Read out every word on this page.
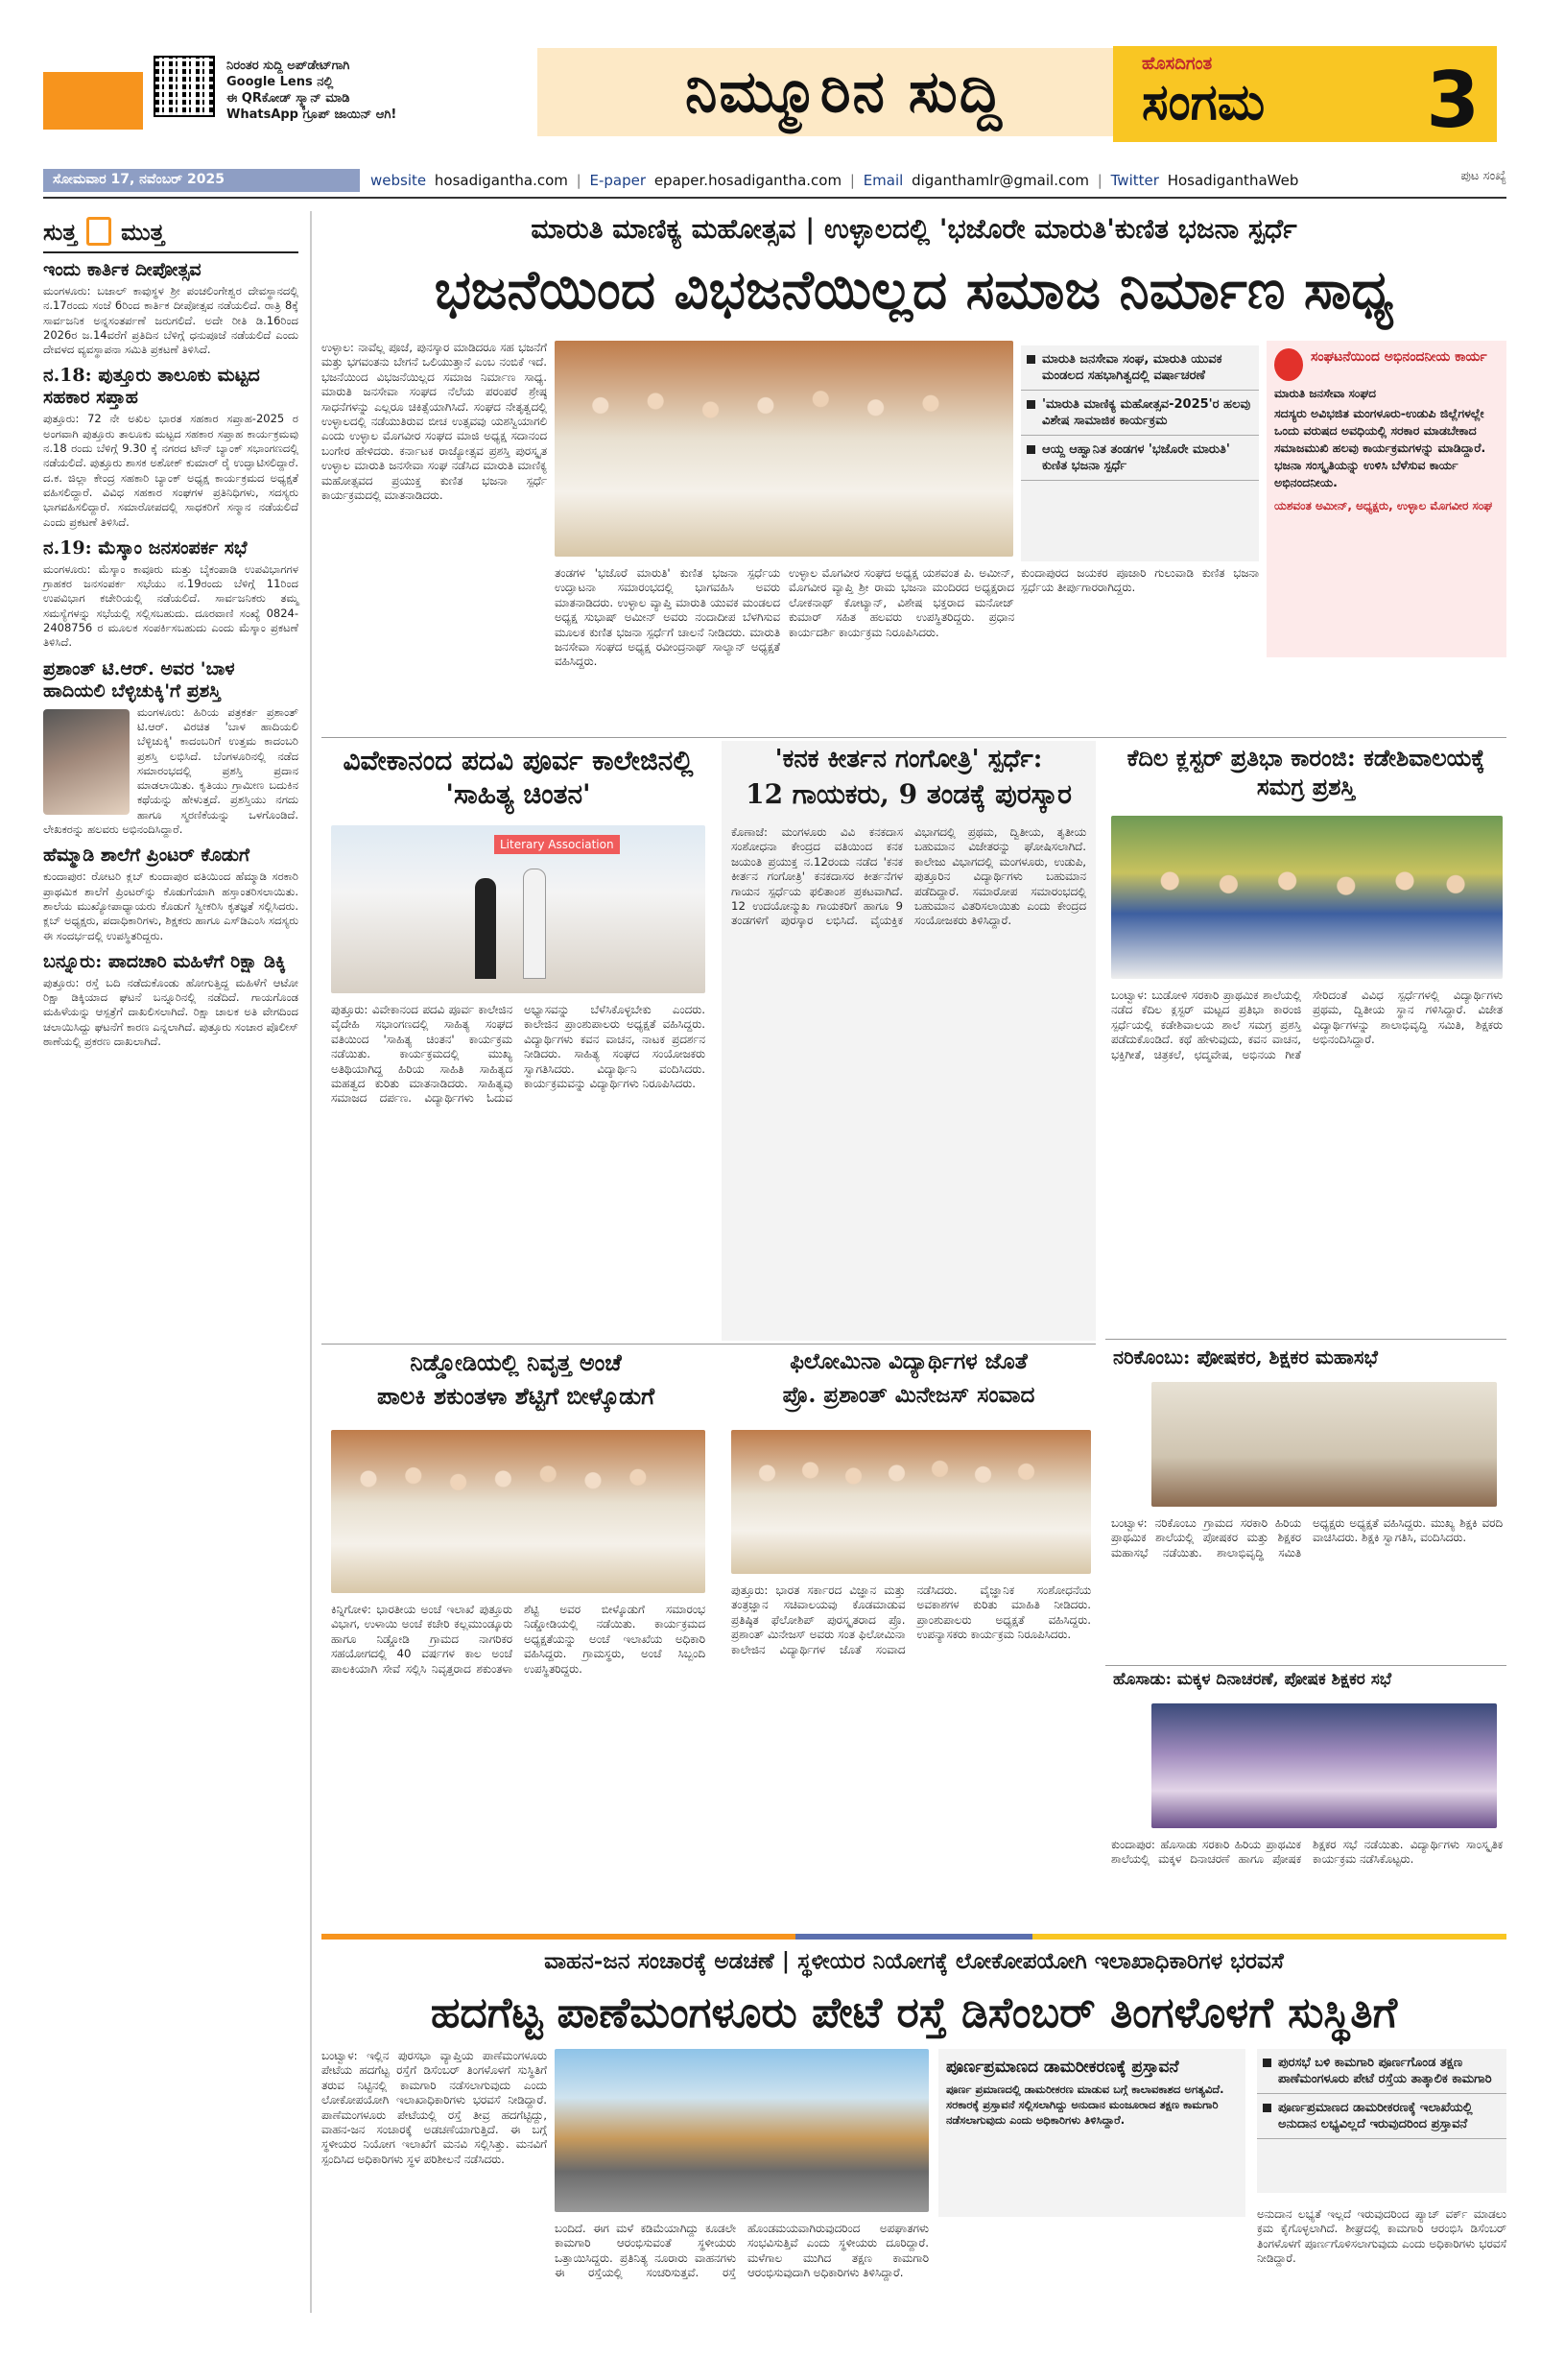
ನಿರಂತರ ಸುದ್ದಿ ಅಪ್‌ಡೇಟ್‌ಗಾಗಿ
Google Lens ನಲ್ಲಿ
ಈ QRಕೋಡ್ ಸ್ಕ್ಯಾನ್ ಮಾಡಿ
WhatsApp ಗ್ರೂಪ್ ಜಾಯಿನ್ ಆಗಿ!	ನಿಮ್ಮೂರಿನ ಸುದ್ದಿ	ಹೊಸದಿಗಂತ
ಸಂಗಮ 3
ಸೋಮವಾರ 17, ನವೆಂಬರ್ 2025	website hosadigantha.com | E-paper epaper.hosadigantha.com | Email diganthamlr@gmail.com | Twitter HosadiganthaWeb	ಪುಟ ಸಂಖ್ಯೆ
ಸುತ್ತ ಮುತ್ತ
ಇಂದು ಕಾರ್ತಿಕ ದೀಪೋತ್ಸವ

ಮಂಗಳೂರು: ಬಜಾಲ್ ಕಾವುಸ್ಥಳ ಶ್ರೀ ಪಂಚಲಿಂಗೇಶ್ವರ ದೇವಸ್ಥಾನದಲ್ಲಿ ನ.17ರಂದು ಸಂಜೆ 6ರಿಂದ ಕಾರ್ತಿಕ ದೀಪೋತ್ಸವ ನಡೆಯಲಿದೆ. ರಾತ್ರಿ 8ಕ್ಕೆ ಸಾರ್ವಜನಿಕ ಅನ್ನಸಂತರ್ಪಣೆ ಜರುಗಲಿದೆ. ಅದೇ ರೀತಿ ಡಿ.16ರಿಂದ 2026ರ ಜ.14ವರೆಗೆ ಪ್ರತಿದಿನ ಬೆಳಿಗ್ಗೆ ಧನುಪೂಜೆ ನಡೆಯಲಿದೆ ಎಂದು ದೇವಳದ ವ್ಯವಸ್ಥಾಪನಾ ಸಮಿತಿ ಪ್ರಕಟಣೆ ತಿಳಿಸಿದೆ.

ನ.18: ಪುತ್ತೂರು ತಾಲೂಕು ಮಟ್ಟದ ಸಹಕಾರ ಸಪ್ತಾಹ

ಪುತ್ತೂರು: 72 ನೇ ಅಖಿಲ ಭಾರತ ಸಹಕಾರ ಸಪ್ತಾಹ-2025 ರ ಅಂಗವಾಗಿ ಪುತ್ತೂರು ತಾಲೂಕು ಮಟ್ಟದ ಸಹಕಾರ ಸಪ್ತಾಹ ಕಾರ್ಯಕ್ರಮವು ನ.18 ರಂದು ಬೆಳಿಗ್ಗೆ 9.30 ಕ್ಕೆ ನಗರದ ಟೌನ್ ಬ್ಯಾಂಕ್ ಸಭಾಂಗಣದಲ್ಲಿ ನಡೆಯಲಿದೆ. ಪುತ್ತೂರು ಶಾಸಕ ಅಶೋಕ್ ಕುಮಾರ್ ರೈ ಉದ್ಘಾಟಿಸಲಿದ್ದಾರೆ. ದ.ಕ. ಜಿಲ್ಲಾ ಕೇಂದ್ರ ಸಹಕಾರಿ ಬ್ಯಾಂಕ್ ಅಧ್ಯಕ್ಷ ಕಾರ್ಯಕ್ರಮದ ಅಧ್ಯಕ್ಷತೆ ವಹಿಸಲಿದ್ದಾರೆ. ವಿವಿಧ ಸಹಕಾರ ಸಂಘಗಳ ಪ್ರತಿನಿಧಿಗಳು, ಸದಸ್ಯರು ಭಾಗವಹಿಸಲಿದ್ದಾರೆ. ಸಮಾರೋಪದಲ್ಲಿ ಸಾಧಕರಿಗೆ ಸನ್ಮಾನ ನಡೆಯಲಿದೆ ಎಂದು ಪ್ರಕಟಣೆ ತಿಳಿಸಿದೆ.

ನ.19: ಮೆಸ್ಕಾಂ ಜನಸಂಪರ್ಕ ಸಭೆ

ಮಂಗಳೂರು: ಮೆಸ್ಕಾಂ ಕಾವೂರು ಮತ್ತು ಬೈಕಂಪಾಡಿ ಉಪವಿಭಾಗಗಳ ಗ್ರಾಹಕರ ಜನಸಂಪರ್ಕ ಸಭೆಯು ನ.19ರಂದು ಬೆಳಿಗ್ಗೆ 11ರಿಂದ ಉಪವಿಭಾಗ ಕಚೇರಿಯಲ್ಲಿ ನಡೆಯಲಿದೆ. ಸಾರ್ವಜನಿಕರು ತಮ್ಮ ಸಮಸ್ಯೆಗಳನ್ನು ಸಭೆಯಲ್ಲಿ ಸಲ್ಲಿಸಬಹುದು. ದೂರವಾಣಿ ಸಂಖ್ಯೆ 0824-2408756 ರ ಮೂಲಕ ಸಂಪರ್ಕಿಸಬಹುದು ಎಂದು ಮೆಸ್ಕಾಂ ಪ್ರಕಟಣೆ ತಿಳಿಸಿದೆ.

ಪ್ರಶಾಂತ್ ಟಿ.ಆರ್. ಅವರ 'ಬಾಳ ಹಾದಿಯಲಿ ಬೆಳ್ಳಿಚುಕ್ಕಿ'ಗೆ ಪ್ರಶಸ್ತಿ

ಮಂಗಳೂರು: ಹಿರಿಯ ಪತ್ರಕರ್ತ ಪ್ರಶಾಂತ್ ಟಿ.ಆರ್. ವಿರಚಿತ 'ಬಾಳ ಹಾದಿಯಲಿ ಬೆಳ್ಳಿಚುಕ್ಕಿ' ಕಾದಂಬರಿಗೆ ಉತ್ತಮ ಕಾದಂಬರಿ ಪ್ರಶಸ್ತಿ ಲಭಿಸಿದೆ. ಬೆಂಗಳೂರಿನಲ್ಲಿ ನಡೆದ ಸಮಾರಂಭದಲ್ಲಿ ಪ್ರಶಸ್ತಿ ಪ್ರದಾನ ಮಾಡಲಾಯಿತು. ಕೃತಿಯು ಗ್ರಾಮೀಣ ಬದುಕಿನ ಕಥೆಯನ್ನು ಹೇಳುತ್ತದೆ. ಪ್ರಶಸ್ತಿಯು ನಗದು ಹಾಗೂ ಸ್ಮರಣಿಕೆಯನ್ನು ಒಳಗೊಂಡಿದೆ. ಲೇಖಕರನ್ನು ಹಲವರು ಅಭಿನಂದಿಸಿದ್ದಾರೆ.

ಹೆಮ್ಮಾಡಿ ಶಾಲೆಗೆ ಪ್ರಿಂಟರ್ ಕೊಡುಗೆ

ಕುಂದಾಪುರ: ರೋಟರಿ ಕ್ಲಬ್ ಕುಂದಾಪುರ ವತಿಯಿಂದ ಹೆಮ್ಮಾಡಿ ಸರಕಾರಿ ಪ್ರಾಥಮಿಕ ಶಾಲೆಗೆ ಪ್ರಿಂಟರ್‌ನ್ನು ಕೊಡುಗೆಯಾಗಿ ಹಸ್ತಾಂತರಿಸಲಾಯಿತು. ಶಾಲೆಯ ಮುಖ್ಯೋಪಾಧ್ಯಾಯರು ಕೊಡುಗೆ ಸ್ವೀಕರಿಸಿ ಕೃತಜ್ಞತೆ ಸಲ್ಲಿಸಿದರು. ಕ್ಲಬ್ ಅಧ್ಯಕ್ಷರು, ಪದಾಧಿಕಾರಿಗಳು, ಶಿಕ್ಷಕರು ಹಾಗೂ ಎಸ್‌ಡಿಎಂಸಿ ಸದಸ್ಯರು ಈ ಸಂದರ್ಭದಲ್ಲಿ ಉಪಸ್ಥಿತರಿದ್ದರು.

ಬನ್ನೂರು: ಪಾದಚಾರಿ ಮಹಿಳೆಗೆ ರಿಕ್ಷಾ ಡಿಕ್ಕಿ

ಪುತ್ತೂರು: ರಸ್ತೆ ಬದಿ ನಡೆದುಕೊಂಡು ಹೋಗುತ್ತಿದ್ದ ಮಹಿಳೆಗೆ ಆಟೋ ರಿಕ್ಷಾ ಡಿಕ್ಕಿಯಾದ ಘಟನೆ ಬನ್ನೂರಿನಲ್ಲಿ ನಡೆದಿದೆ. ಗಾಯಗೊಂಡ ಮಹಿಳೆಯನ್ನು ಆಸ್ಪತ್ರೆಗೆ ದಾಖಲಿಸಲಾಗಿದೆ. ರಿಕ್ಷಾ ಚಾಲಕ ಅತಿ ವೇಗದಿಂದ ಚಲಾಯಿಸಿದ್ದು ಘಟನೆಗೆ ಕಾರಣ ಎನ್ನಲಾಗಿದೆ. ಪುತ್ತೂರು ಸಂಚಾರ ಪೊಲೀಸ್ ಠಾಣೆಯಲ್ಲಿ ಪ್ರಕರಣ ದಾಖಲಾಗಿದೆ.

ಮಾರುತಿ ಮಾಣಿಕ್ಯ ಮಹೋತ್ಸವ | ಉಳ್ಳಾಲದಲ್ಲಿ 'ಭಜೊರೇ ಮಾರುತಿ'ಕುಣಿತ ಭಜನಾ ಸ್ಪರ್ಧೆ
ಭಜನೆಯಿಂದ ವಿಭಜನೆಯಿಲ್ಲದ ಸಮಾಜ ನಿರ್ಮಾಣ ಸಾಧ್ಯ
ಉಳ್ಳಾಲ: ನಾವೆಲ್ಲ ಪೂಜೆ, ಪುನಸ್ಕಾರ ಮಾಡಿದರೂ ಸಹ ಭಜನೆಗೆ ಮತ್ತು ಭಗವಂತನು ಬೇಗನೆ ಒಲಿಯುತ್ತಾನೆ ಎಂಬ ನಂಬಿಕೆ ಇದೆ. ಭಜನೆಯಿಂದ ವಿಭಜನೆಯಿಲ್ಲದ ಸಮಾಜ ನಿರ್ಮಾಣ ಸಾಧ್ಯ. ಮಾರುತಿ ಜನಸೇವಾ ಸಂಘದ ನೆಲೆಯ ಪರಂಪರೆ ಶ್ರೇಷ್ಠ ಸಾಧನೆಗಳನ್ನು ಎಲ್ಲರೂ ಚಿಕಿತ್ಸೆಯಾಗಿಸಿದೆ. ಸಂಘದ ನೇತೃತ್ವದಲ್ಲಿ ಉಳ್ಳಾಲದಲ್ಲಿ ನಡೆಯುತಿರುವ ಬೀಚ ಉತ್ಸವವು ಯಶಸ್ವಿಯಾಗಲಿ ಎಂದು ಉಳ್ಳಾಲ ಮೊಗವೀರ ಸಂಘದ ಮಾಜಿ ಅಧ್ಯಕ್ಷ ಸದಾನಂದ ಬಂಗೇರ ಹೇಳಿದರು. ಕರ್ನಾಟಕ ರಾಜ್ಯೋತ್ಸವ ಪ್ರಶಸ್ತಿ ಪುರಸ್ಕೃತ ಉಳ್ಳಾಲ ಮಾರುತಿ ಜನಸೇವಾ ಸಂಘ ನಡೆಸಿದ ಮಾರುತಿ ಮಾಣಿಕ್ಯ ಮಹೋತ್ಸವದ ಪ್ರಯುಕ್ತ ಕುಣಿತ ಭಜನಾ ಸ್ಪರ್ಧೆ ಕಾರ್ಯಕ್ರಮದಲ್ಲಿ ಮಾತನಾಡಿದರು.
ತಂಡಗಳ 'ಭಜೊರೆ ಮಾರುತಿ' ಕುಣಿತ ಭಜನಾ ಸ್ಪರ್ಧೆಯ ಉದ್ಘಾಟನಾ ಸಮಾರಂಭದಲ್ಲಿ ಭಾಗವಹಿಸಿ ಅವರು ಮಾತನಾಡಿದರು. ಉಳ್ಳಾಲ ವ್ಯಾಪ್ತಿ ಮಾರುತಿ ಯುವಕ ಮಂಡಲದ ಅಧ್ಯಕ್ಷ ಸುಭಾಷ್ ಅಮೀನ್ ಅವರು ನಂದಾದೀಪ ಬೆಳಗಿಸುವ ಮೂಲಕ ಕುಣಿತ ಭಜನಾ ಸ್ಪರ್ಧೆಗೆ ಚಾಲನೆ ನೀಡಿದರು. ಮಾರುತಿ ಜನಸೇವಾ ಸಂಘದ ಅಧ್ಯಕ್ಷ ರವೀಂದ್ರನಾಥ್ ಸಾಲ್ಯಾನ್ ಅಧ್ಯಕ್ಷತೆ ವಹಿಸಿದ್ದರು.
ಉಳ್ಳಾಲ ಮೊಗವೀರ ಸಂಘದ ಅಧ್ಯಕ್ಷ ಯಶವಂತ ಪಿ. ಅಮೀನ್, ಮೊಗವೀರ ವ್ಯಾಪ್ತಿ ಶ್ರೀ ರಾಮ ಭಜನಾ ಮಂದಿರದ ಅಧ್ಯಕ್ಷರಾದ ಲೋಕನಾಥ್ ಕೋಟ್ಯಾನ್, ವಿಶೇಷ ಭಕ್ತರಾದ ಮನೋಜ್ ಕುಮಾರ್ ಸಹಿತ ಹಲವರು ಉಪಸ್ಥಿತರಿದ್ದರು. ಪ್ರಧಾನ ಕಾರ್ಯದರ್ಶಿ ಕಾರ್ಯಕ್ರಮ ನಿರೂಪಿಸಿದರು.
ಮಾರುತಿ ಜನಸೇವಾ ಸಂಘ, ಮಾರುತಿ ಯುವಕ ಮಂಡಲದ ಸಹಭಾಗಿತ್ವದಲ್ಲಿ ವರ್ಷಾಚರಣೆ
'ಮಾರುತಿ ಮಾಣಿಕ್ಯ ಮಹೋತ್ಸವ-2025'ರ ಹಲವು ವಿಶೇಷ ಸಾಮಾಜಿಕ ಕಾರ್ಯಕ್ರಮ
ಆಯ್ದ ಆಹ್ವಾನಿತ ತಂಡಗಳ 'ಭಜೊರೇ ಮಾರುತಿ' ಕುಣಿತ ಭಜನಾ ಸ್ಪರ್ಧೆ
ಕುಂದಾಪುರದ ಜಯಕರ ಪೂಜಾರಿ ಗುಲುವಾಡಿ ಕುಣಿತ ಭಜನಾ ಸ್ಪರ್ಧೆಯ ತೀರ್ಪುಗಾರರಾಗಿದ್ದರು.
ಸಂಘಟನೆಯಿಂದ ಅಭಿನಂದನೀಯ ಕಾರ್ಯ
ಮಾರುತಿ ಜನಸೇವಾ ಸಂಘದ
ಸದಸ್ಯರು ಅವಿಭಜಿತ ಮಂಗಳೂರು-ಉಡುಪಿ ಜಿಲ್ಲೆಗಳಲ್ಲೇ ಒಂದು ವರುಷದ ಅವಧಿಯಲ್ಲಿ ಸರಕಾರ ಮಾಡಬೇಕಾದ ಸಮಾಜಮುಖಿ ಹಲವು ಕಾರ್ಯಕ್ರಮಗಳನ್ನು ಮಾಡಿದ್ದಾರೆ. ಭಜನಾ ಸಂಸ್ಕೃತಿಯನ್ನು ಉಳಿಸಿ ಬೆಳೆಸುವ ಕಾರ್ಯ ಅಭಿನಂದನೀಯ.
ಯಶವಂತ ಅಮೀನ್, ಅಧ್ಯಕ್ಷರು, ಉಳ್ಳಾಲ ಮೊಗವೀರ ಸಂಘ
ವಿವೇಕಾನಂದ ಪದವಿ ಪೂರ್ವ ಕಾಲೇಜಿನಲ್ಲಿ 'ಸಾಹಿತ್ಯ ಚಿಂತನ'
Literary Association
ಪುತ್ತೂರು: ವಿವೇಕಾನಂದ ಪದವಿ ಪೂರ್ವ ಕಾಲೇಜಿನ ವೈದೇಹಿ ಸಭಾಂಗಣದಲ್ಲಿ ಸಾಹಿತ್ಯ ಸಂಘದ ವತಿಯಿಂದ 'ಸಾಹಿತ್ಯ ಚಿಂತನ' ಕಾರ್ಯಕ್ರಮ ನಡೆಯಿತು. ಕಾರ್ಯಕ್ರಮದಲ್ಲಿ ಮುಖ್ಯ ಅತಿಥಿಯಾಗಿದ್ದ ಹಿರಿಯ ಸಾಹಿತಿ ಸಾಹಿತ್ಯದ ಮಹತ್ವದ ಕುರಿತು ಮಾತನಾಡಿದರು. ಸಾಹಿತ್ಯವು ಸಮಾಜದ ದರ್ಪಣ. ವಿದ್ಯಾರ್ಥಿಗಳು ಓದುವ ಅಭ್ಯಾಸವನ್ನು ಬೆಳೆಸಿಕೊಳ್ಳಬೇಕು ಎಂದರು. ಕಾಲೇಜಿನ ಪ್ರಾಂಶುಪಾಲರು ಅಧ್ಯಕ್ಷತೆ ವಹಿಸಿದ್ದರು. ವಿದ್ಯಾರ್ಥಿಗಳು ಕವನ ವಾಚನ, ನಾಟಕ ಪ್ರದರ್ಶನ ನೀಡಿದರು. ಸಾಹಿತ್ಯ ಸಂಘದ ಸಂಯೋಜಕರು ಸ್ವಾಗತಿಸಿದರು. ವಿದ್ಯಾರ್ಥಿನಿ ವಂದಿಸಿದರು. ಕಾರ್ಯಕ್ರಮವನ್ನು ವಿದ್ಯಾರ್ಥಿಗಳು ನಿರೂಪಿಸಿದರು.
'ಕನಕ ಕೀರ್ತನ ಗಂಗೋತ್ರಿ' ಸ್ಪರ್ಧೆ:
12 ಗಾಯಕರು, 9 ತಂಡಕ್ಕೆ ಪುರಸ್ಕಾರ
ಕೊಣಾಜೆ: ಮಂಗಳೂರು ವಿವಿ ಕನಕದಾಸ ಸಂಶೋಧನಾ ಕೇಂದ್ರದ ವತಿಯಿಂದ ಕನಕ ಜಯಂತಿ ಪ್ರಯುಕ್ತ ನ.12ರಂದು ನಡೆದ 'ಕನಕ ಕೀರ್ತನ ಗಂಗೋತ್ರಿ' ಕನಕದಾಸರ ಕೀರ್ತನೆಗಳ ಗಾಯನ ಸ್ಪರ್ಧೆಯ ಫಲಿತಾಂಶ ಪ್ರಕಟವಾಗಿದೆ. 12 ಉದಯೋನ್ಮುಖ ಗಾಯಕರಿಗೆ ಹಾಗೂ 9 ತಂಡಗಳಿಗೆ ಪುರಸ್ಕಾರ ಲಭಿಸಿದೆ. ವೈಯಕ್ತಿಕ ವಿಭಾಗದಲ್ಲಿ ಪ್ರಥಮ, ದ್ವಿತೀಯ, ತೃತೀಯ ಬಹುಮಾನ ವಿಜೇತರನ್ನು ಘೋಷಿಸಲಾಗಿದೆ. ಕಾಲೇಜು ವಿಭಾಗದಲ್ಲಿ ಮಂಗಳೂರು, ಉಡುಪಿ, ಪುತ್ತೂರಿನ ವಿದ್ಯಾರ್ಥಿಗಳು ಬಹುಮಾನ ಪಡೆದಿದ್ದಾರೆ. ಸಮಾರೋಪ ಸಮಾರಂಭದಲ್ಲಿ ಬಹುಮಾನ ವಿತರಿಸಲಾಯಿತು ಎಂದು ಕೇಂದ್ರದ ಸಂಯೋಜಕರು ತಿಳಿಸಿದ್ದಾರೆ.
ಕೆದಿಲ ಕ್ಲಸ್ಟರ್ ಪ್ರತಿಭಾ ಕಾರಂಜಿ: ಕಡೇಶಿವಾಲಯಕ್ಕೆ ಸಮಗ್ರ ಪ್ರಶಸ್ತಿ
ಬಂಟ್ವಾಳ: ಬುಡೋಳಿ ಸರಕಾರಿ ಪ್ರಾಥಮಿಕ ಶಾಲೆಯಲ್ಲಿ ನಡೆದ ಕೆದಿಲ ಕ್ಲಸ್ಟರ್ ಮಟ್ಟದ ಪ್ರತಿಭಾ ಕಾರಂಜಿ ಸ್ಪರ್ಧೆಯಲ್ಲಿ ಕಡೇಶಿವಾಲಯ ಶಾಲೆ ಸಮಗ್ರ ಪ್ರಶಸ್ತಿ ಪಡೆದುಕೊಂಡಿದೆ. ಕಥೆ ಹೇಳುವುದು, ಕವನ ವಾಚನ, ಭಕ್ತಿಗೀತೆ, ಚಿತ್ರಕಲೆ, ಛದ್ಮವೇಷ, ಅಭಿನಯ ಗೀತೆ ಸೇರಿದಂತೆ ವಿವಿಧ ಸ್ಪರ್ಧೆಗಳಲ್ಲಿ ವಿದ್ಯಾರ್ಥಿಗಳು ಪ್ರಥಮ, ದ್ವಿತೀಯ ಸ್ಥಾನ ಗಳಿಸಿದ್ದಾರೆ. ವಿಜೇತ ವಿದ್ಯಾರ್ಥಿಗಳನ್ನು ಶಾಲಾಭಿವೃದ್ಧಿ ಸಮಿತಿ, ಶಿಕ್ಷಕರು ಅಭಿನಂದಿಸಿದ್ದಾರೆ.
ನರಿಕೊಂಬು: ಪೋಷಕರ, ಶಿಕ್ಷಕರ ಮಹಾಸಭೆ
ಬಂಟ್ವಾಳ: ನರಿಕೊಂಬು ಗ್ರಾಮದ ಸರಕಾರಿ ಹಿರಿಯ ಪ್ರಾಥಮಿಕ ಶಾಲೆಯಲ್ಲಿ ಪೋಷಕರ ಮತ್ತು ಶಿಕ್ಷಕರ ಮಹಾಸಭೆ ನಡೆಯಿತು. ಶಾಲಾಭಿವೃದ್ಧಿ ಸಮಿತಿ ಅಧ್ಯಕ್ಷರು ಅಧ್ಯಕ್ಷತೆ ವಹಿಸಿದ್ದರು. ಮುಖ್ಯ ಶಿಕ್ಷಕಿ ವರದಿ ವಾಚಿಸಿದರು. ಶಿಕ್ಷಕಿ ಸ್ವಾಗತಿಸಿ, ವಂದಿಸಿದರು.
ಹೊಸಾಡು: ಮಕ್ಕಳ ದಿನಾಚರಣೆ, ಪೋಷಕ ಶಿಕ್ಷಕರ ಸಭೆ
ಕುಂದಾಪುರ: ಹೊಸಾಡು ಸರಕಾರಿ ಹಿರಿಯ ಪ್ರಾಥಮಿಕ ಶಾಲೆಯಲ್ಲಿ ಮಕ್ಕಳ ದಿನಾಚರಣೆ ಹಾಗೂ ಪೋಷಕ ಶಿಕ್ಷಕರ ಸಭೆ ನಡೆಯಿತು. ವಿದ್ಯಾರ್ಥಿಗಳು ಸಾಂಸ್ಕೃತಿಕ ಕಾರ್ಯಕ್ರಮ ನಡೆಸಿಕೊಟ್ಟರು.
ನಿಡ್ಡೋಡಿಯಲ್ಲಿ ನಿವೃತ್ತ ಅಂಚೆ
ಪಾಲಕಿ ಶಕುಂತಳಾ ಶೆಟ್ಟಿಗೆ ಬೀಳ್ಕೊಡುಗೆ
ಕಿನ್ನಿಗೋಳಿ: ಭಾರತೀಯ ಅಂಚೆ ಇಲಾಖೆ ಪುತ್ತೂರು ವಿಭಾಗ, ಉಳಾಯಿ ಅಂಚೆ ಕಚೇರಿ ಕಲ್ಲಮುಂಡ್ಕೂರು ಹಾಗೂ ನಿಡ್ಡೋಡಿ ಗ್ರಾಮದ ನಾಗರಿಕರ ಸಹಯೋಗದಲ್ಲಿ 40 ವರ್ಷಗಳ ಕಾಲ ಅಂಚೆ ಪಾಲಕಿಯಾಗಿ ಸೇವೆ ಸಲ್ಲಿಸಿ ನಿವೃತ್ತರಾದ ಶಕುಂತಳಾ ಶೆಟ್ಟಿ ಅವರ ಬೀಳ್ಕೊಡುಗೆ ಸಮಾರಂಭ ನಿಡ್ಡೋಡಿಯಲ್ಲಿ ನಡೆಯಿತು. ಕಾರ್ಯಕ್ರಮದ ಅಧ್ಯಕ್ಷತೆಯನ್ನು ಅಂಚೆ ಇಲಾಖೆಯ ಅಧಿಕಾರಿ ವಹಿಸಿದ್ದರು. ಗ್ರಾಮಸ್ಥರು, ಅಂಚೆ ಸಿಬ್ಬಂದಿ ಉಪಸ್ಥಿತರಿದ್ದರು.
ಫಿಲೋಮಿನಾ ವಿದ್ಯಾರ್ಥಿಗಳ ಜೊತೆ
ಪ್ರೊ. ಪ್ರಶಾಂತ್ ಮಿನೇಜಸ್ ಸಂವಾದ
ಪುತ್ತೂರು: ಭಾರತ ಸರ್ಕಾರದ ವಿಜ್ಞಾನ ಮತ್ತು ತಂತ್ರಜ್ಞಾನ ಸಚಿವಾಲಯವು ಕೊಡಮಾಡುವ ಪ್ರತಿಷ್ಠಿತ ಫೆಲೋಶಿಪ್ ಪುರಸ್ಕೃತರಾದ ಪ್ರೊ. ಪ್ರಶಾಂತ್ ಮಿನೇಜಸ್ ಅವರು ಸಂತ ಫಿಲೋಮಿನಾ ಕಾಲೇಜಿನ ವಿದ್ಯಾರ್ಥಿಗಳ ಜೊತೆ ಸಂವಾದ ನಡೆಸಿದರು. ವೈಜ್ಞಾನಿಕ ಸಂಶೋಧನೆಯ ಅವಕಾಶಗಳ ಕುರಿತು ಮಾಹಿತಿ ನೀಡಿದರು. ಪ್ರಾಂಶುಪಾಲರು ಅಧ್ಯಕ್ಷತೆ ವಹಿಸಿದ್ದರು. ಉಪನ್ಯಾಸಕರು ಕಾರ್ಯಕ್ರಮ ನಿರೂಪಿಸಿದರು.
ವಾಹನ-ಜನ ಸಂಚಾರಕ್ಕೆ ಅಡಚಣೆ | ಸ್ಥಳೀಯರ ನಿಯೋಗಕ್ಕೆ ಲೋಕೋಪಯೋಗಿ ಇಲಾಖಾಧಿಕಾರಿಗಳ ಭರವಸೆ
ಹದಗೆಟ್ಟ ಪಾಣೆಮಂಗಳೂರು ಪೇಟೆ ರಸ್ತೆ ಡಿಸೆಂಬರ್ ತಿಂಗಳೊಳಗೆ ಸುಸ್ಥಿತಿಗೆ
ಬಂಟ್ವಾಳ: ಇಲ್ಲಿನ ಪುರಸಭಾ ವ್ಯಾಪ್ತಿಯ ಪಾಣೆಮಂಗಳೂರು ಪೇಟೆಯ ಹದಗೆಟ್ಟ ರಸ್ತೆಗೆ ಡಿಸೆಂಬರ್ ತಿಂಗಳೊಳಗೆ ಸುಸ್ಥಿತಿಗೆ ತರುವ ನಿಟ್ಟಿನಲ್ಲಿ ಕಾಮಗಾರಿ ನಡೆಸಲಾಗುವುದು ಎಂದು ಲೋಕೋಪಯೋಗಿ ಇಲಾಖಾಧಿಕಾರಿಗಳು ಭರವಸೆ ನೀಡಿದ್ದಾರೆ. ಪಾಣೆಮಂಗಳೂರು ಪೇಟೆಯಲ್ಲಿ ರಸ್ತೆ ತೀವ್ರ ಹದಗೆಟ್ಟಿದ್ದು, ವಾಹನ-ಜನ ಸಂಚಾರಕ್ಕೆ ಅಡಚಣೆಯಾಗುತ್ತಿದೆ. ಈ ಬಗ್ಗೆ ಸ್ಥಳೀಯರ ನಿಯೋಗ ಇಲಾಖೆಗೆ ಮನವಿ ಸಲ್ಲಿಸಿತ್ತು. ಮನವಿಗೆ ಸ್ಪಂದಿಸಿದ ಅಧಿಕಾರಿಗಳು ಸ್ಥಳ ಪರಿಶೀಲನೆ ನಡೆಸಿದರು.
ಬಂದಿದೆ. ಈಗ ಮಳೆ ಕಡಿಮೆಯಾಗಿದ್ದು ಕೂಡಲೇ ಕಾಮಗಾರಿ ಆರಂಭಿಸುವಂತೆ ಸ್ಥಳೀಯರು ಒತ್ತಾಯಿಸಿದ್ದರು. ಪ್ರತಿನಿತ್ಯ ನೂರಾರು ವಾಹನಗಳು ಈ ರಸ್ತೆಯಲ್ಲಿ ಸಂಚರಿಸುತ್ತವೆ. ರಸ್ತೆ ಹೊಂಡಮಯವಾಗಿರುವುದರಿಂದ ಅಪಘಾತಗಳು ಸಂಭವಿಸುತ್ತಿವೆ ಎಂದು ಸ್ಥಳೀಯರು ದೂರಿದ್ದಾರೆ. ಮಳೆಗಾಲ ಮುಗಿದ ತಕ್ಷಣ ಕಾಮಗಾರಿ ಆರಂಭಿಸುವುದಾಗಿ ಅಧಿಕಾರಿಗಳು ತಿಳಿಸಿದ್ದಾರೆ.
ಪೂರ್ಣಪ್ರಮಾಣದ ಡಾಮರೀಕರಣಕ್ಕೆ ಪ್ರಸ್ತಾವನೆ
ಪೂರ್ಣ ಪ್ರಮಾಣದಲ್ಲಿ ಡಾಮರೀಕರಣ ಮಾಡುವ ಬಗ್ಗೆ ಕಾಲಾವಕಾಶದ ಅಗತ್ಯವಿದೆ. ಸರಕಾರಕ್ಕೆ ಪ್ರಸ್ತಾವನೆ ಸಲ್ಲಿಸಲಾಗಿದ್ದು ಅನುದಾನ ಮಂಜೂರಾದ ತಕ್ಷಣ ಕಾಮಗಾರಿ ನಡೆಸಲಾಗುವುದು ಎಂದು ಅಧಿಕಾರಿಗಳು ತಿಳಿಸಿದ್ದಾರೆ.
ಪುರಸಭೆ ಬಳಿ ಕಾಮಗಾರಿ ಪೂರ್ಣಗೊಂಡ ತಕ್ಷಣ ಪಾಣೆಮಂಗಳೂರು ಪೇಟೆ ರಸ್ತೆಯ ತಾತ್ಕಾಲಿಕ ಕಾಮಗಾರಿ
ಪೂರ್ಣಪ್ರಮಾಣದ ಡಾಮರೀಕರಣಕ್ಕೆ ಇಲಾಖೆಯಲ್ಲಿ ಅನುದಾನ ಲಭ್ಯವಿಲ್ಲದೆ ಇರುವುದರಿಂದ ಪ್ರಸ್ತಾವನೆ
ಅನುದಾನ ಲಭ್ಯತೆ ಇಲ್ಲದೆ ಇರುವುದರಿಂದ ಪ್ಯಾಚ್ ವರ್ಕ್ ಮಾಡಲು ಕ್ರಮ ಕೈಗೊಳ್ಳಲಾಗಿದೆ. ಶೀಘ್ರದಲ್ಲಿ ಕಾಮಗಾರಿ ಆರಂಭಿಸಿ ಡಿಸೆಂಬರ್ ತಿಂಗಳೊಳಗೆ ಪೂರ್ಣಗೊಳಿಸಲಾಗುವುದು ಎಂದು ಅಧಿಕಾರಿಗಳು ಭರವಸೆ ನೀಡಿದ್ದಾರೆ.
